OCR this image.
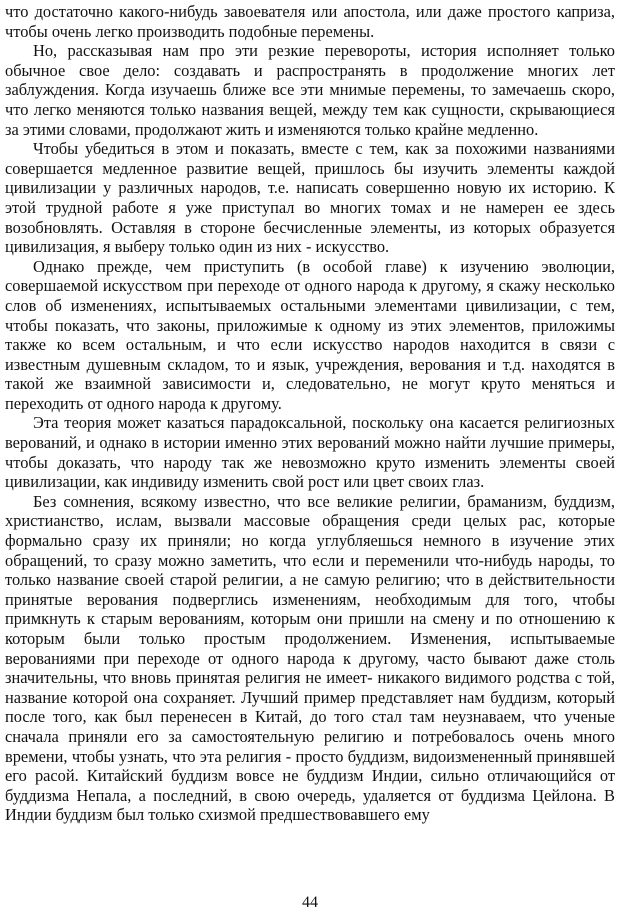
что достаточно какого-нибудь завоевателя или апостола, или даже простого каприза, чтобы очень легко производить подобные перемены.

Но, рассказывая нам про эти резкие перевороты, история исполняет только обычное свое дело: создавать и распространять в продолжение многих лет заблуждения. Когда изучаешь ближе все эти мнимые перемены, то замечаешь скоро, что легко меняются только названия вещей, между тем как сущности, скрывающиеся за этими словами, продолжают жить и изменяются только крайне медленно.

Чтобы убедиться в этом и показать, вместе с тем, как за похожими названиями совершается медленное развитие вещей, пришлось бы изучить элементы каждой цивилизации у различных народов, т.е. написать совершенно новую их историю. К этой трудной работе я уже приступал во многих томах и не намерен ее здесь возобновлять. Оставляя в стороне бесчисленные элементы, из которых образуется цивилизация, я выберу только один из них - искусство.

Однако прежде, чем приступить (в особой главе) к изучению эволюции, совершаемой искусством при переходе от одного народа к другому, я скажу несколько слов об изменениях, испытываемых остальными элементами цивилизации, с тем, чтобы показать, что законы, приложимые к одному из этих элементов, приложимы также ко всем остальным, и что если искусство народов находится в связи с известным душевным складом, то и язык, учреждения, верования и т.д. находятся в такой же взаимной зависимости и, следовательно, не могут круто меняться и переходить от одного народа к другому.

Эта теория может казаться парадоксальной, поскольку она касается религиозных верований, и однако в истории именно этих верований можно найти лучшие примеры, чтобы доказать, что народу так же невозможно круто изменить элементы своей цивилизации, как индивиду изменить свой рост или цвет своих глаз.

Без сомнения, всякому известно, что все великие религии, браманизм, буддизм, христианство, ислам, вызвали массовые обращения среди целых рас, которые формально сразу их приняли; но когда углубляешься немного в изучение этих обращений, то сразу можно заметить, что если и переменили что-нибудь народы, то только название своей старой религии, а не самую религию; что в действительности принятые верования подверглись изменениям, необходимым для того, чтобы примкнуть к старым верованиям, которым они пришли на смену и по отношению к которым были только простым продолжением. Изменения, испытываемые верованиями при переходе от одного народа к другому, часто бывают даже столь значительны, что вновь принятая религия не имеет- никакого видимого родства с той, название которой она сохраняет. Лучший пример представляет нам буддизм, который после того, как был перенесен в Китай, до того стал там неузнаваем, что ученые сначала приняли его за самостоятельную религию и потребовалось очень много времени, чтобы узнать, что эта религия - просто буддизм, видоизмененный принявшей его расой. Китайский буддизм вовсе не буддизм Индии, сильно отличающийся от буддизма Непала, а последний, в свою очередь, удаляется от буддизма Цейлона. В Индии буддизм был только схизмой предшествовавшего ему

44
